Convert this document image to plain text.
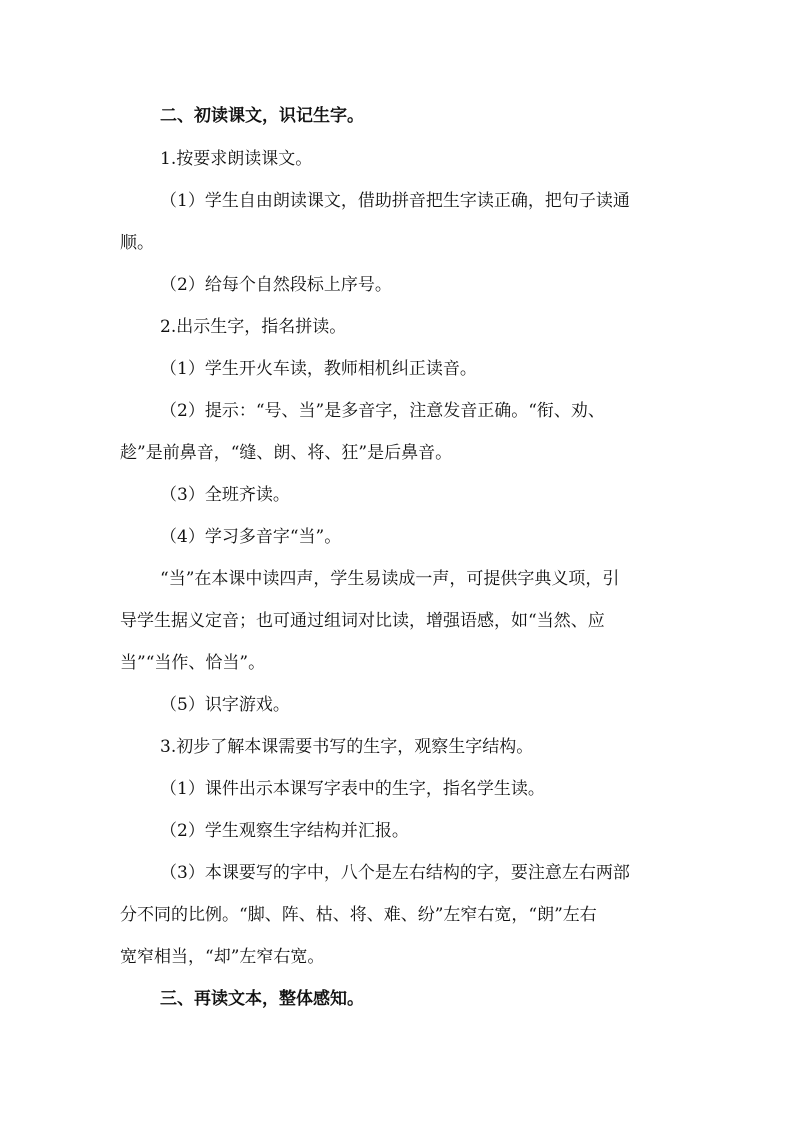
二、初读课文，识记生字。
1.按要求朗读课文。
（1）学生自由朗读课文，借助拼音把生字读正确，把句子读通
顺。
（2）给每个自然段标上序号。
2.出示生字，指名拼读。
（1）学生开火车读，教师相机纠正读音。
（2）提示：“号、当”是多音字，注意发音正确。“衔、劝、
趁”是前鼻音，“缝、朗、将、狂”是后鼻音。
（3）全班齐读。
（4）学习多音字“当”。
“当”在本课中读四声，学生易读成一声，可提供字典义项，引
导学生据义定音；也可通过组词对比读，增强语感，如“当然、应
当”“当作、恰当”。
（5）识字游戏。
3.初步了解本课需要书写的生字，观察生字结构。
（1）课件出示本课写字表中的生字，指名学生读。
（2）学生观察生字结构并汇报。
（3）本课要写的字中，八个是左右结构的字，要注意左右两部
分不同的比例。“脚、阵、枯、将、难、纷”左窄右宽，“朗”左右
宽窄相当，“却”左窄右宽。
三、再读文本，整体感知。
